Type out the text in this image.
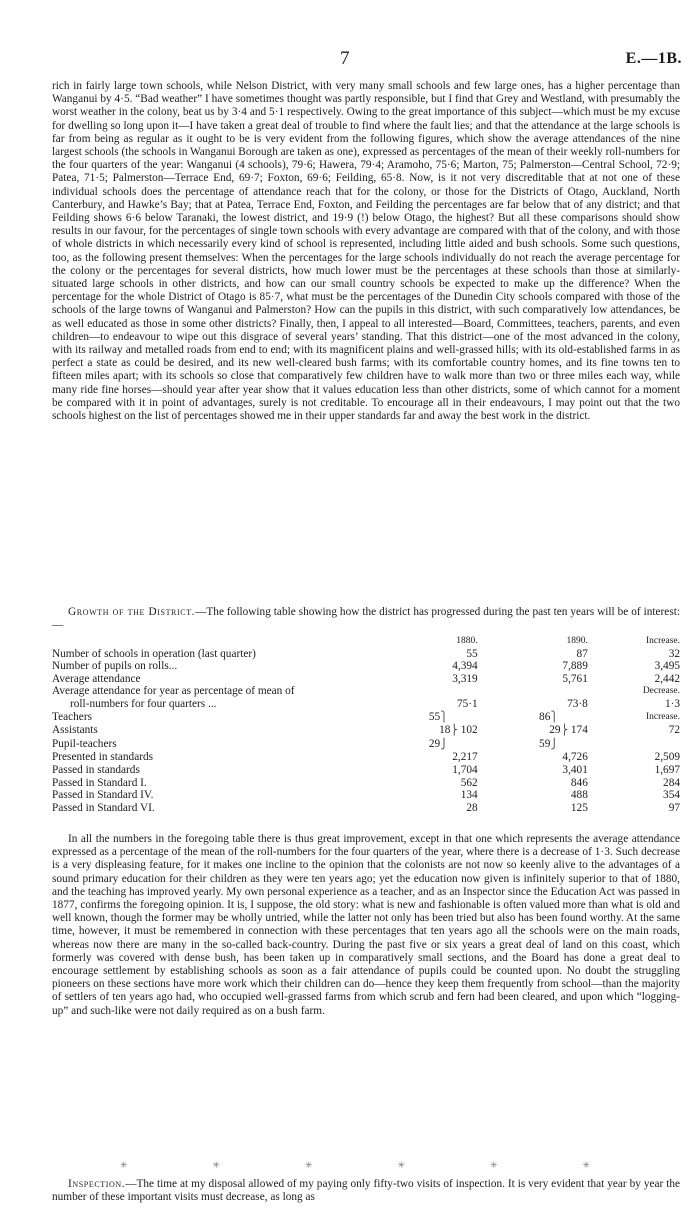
7	E.—1B.

rich in fairly large town schools, while Nelson District, with very many small schools and few large ones, has a higher percentage than Wanganui by 4·5. “Bad weather” I have sometimes thought was partly responsible, but I find that Grey and Westland, with presumably the worst weather in the colony, beat us by 3·4 and 5·1 respectively. Owing to the great importance of this subject—which must be my excuse for dwelling so long upon it—I have taken a great deal of trouble to find where the fault lies; and that the attendance at the large schools is far from being as regular as it ought to be is very evident from the following figures, which show the average attendances of the nine largest schools (the schools in Wanganui Borough are taken as one), expressed as percentages of the mean of their weekly roll-numbers for the four quarters of the year: Wanganui (4 schools), 79·6; Hawera, 79·4; Aramoho, 75·6; Marton, 75; Palmerston—Central School, 72·9; Patea, 71·5; Palmerston—Terrace End, 69·7; Foxton, 69·6; Feilding, 65·8. Now, is it not very discreditable that at not one of these individual schools does the percentage of attendance reach that for the colony, or those for the Districts of Otago, Auckland, North Canterbury, and Hawke’s Bay; that at Patea, Terrace End, Foxton, and Feilding the percentages are far below that of any district; and that Feilding shows 6·6 below Taranaki, the lowest district, and 19·9 (!) below Otago, the highest? But all these comparisons should show results in our favour, for the percentages of single town schools with every advantage are compared with that of the colony, and with those of whole districts in which necessarily every kind of school is represented, including little aided and bush schools. Some such questions, too, as the following present themselves: When the percentages for the large schools individually do not reach the average percentage for the colony or the percentages for several districts, how much lower must be the percentages at these schools than those at similarly-situated large schools in other districts, and how can our small country schools be expected to make up the difference? When the percentage for the whole District of Otago is 85·7, what must be the percentages of the Dunedin City schools compared with those of the schools of the large towns of Wanganui and Palmerston? How can the pupils in this district, with such comparatively low attendances, be as well educated as those in some other districts? Finally, then, I appeal to all interested—Board, Committees, teachers, parents, and even children—to endeavour to wipe out this disgrace of several years’ standing. That this district—one of the most advanced in the colony, with its railway and metalled roads from end to end; with its magnificent plains and well-grassed hills; with its old-established farms in as perfect a state as could be desired, and its new well-cleared bush farms; with its comfortable country homes, and its fine towns ten to fifteen miles apart; with its schools so close that comparatively few children have to walk more than two or three miles each way, while many ride fine horses—should year after year show that it values education less than other districts, some of which cannot for a moment be compared with it in point of advantages, surely is not creditable. To encourage all in their endeavours, I may point out that the two schools highest on the list of percentages showed me in their upper standards far and away the best work in the district.

Growth of the District.—The following table showing how the district has progressed during the past ten years will be of interest:—

	1880.	1890.	Increase.
Number of schools in operation (last quarter)	55	87	32
Number of pupils on rolls...	4,394	7,889	3,495
Average attendance	3,319	5,761	2,442
Average attendance for year as percentage of mean of			Decrease.
roll-numbers for four quarters ...	75·1	73·8	1·3
Teachers	55⎫	86⎫	Increase.
Assistants	18⎬ 102	29⎬ 174	72
Pupil-teachers	29⎭	59⎭	
Presented in standards	2,217	4,726	2,509
Passed in standards	1,704	3,401	1,697
Passed in Standard I.	562	846	284
Passed in Standard IV.	134	488	354
Passed in Standard VI.	28	125	97

In all the numbers in the foregoing table there is thus great improvement, except in that one which represents the average attendance expressed as a percentage of the mean of the roll-numbers for the four quarters of the year, where there is a decrease of 1·3. Such decrease is a very displeasing feature, for it makes one incline to the opinion that the colonists are not now so keenly alive to the advantages of a sound primary education for their children as they were ten years ago; yet the education now given is infinitely superior to that of 1880, and the teaching has improved yearly. My own personal experience as a teacher, and as an Inspector since the Education Act was passed in 1877, confirms the foregoing opinion. It is, I suppose, the old story: what is new and fashionable is often valued more than what is old and well known, though the former may be wholly untried, while the latter not only has been tried but also has been found worthy. At the same time, however, it must be remembered in connection with these percentages that ten years ago all the schools were on the main roads, whereas now there are many in the so-called back-country. During the past five or six years a great deal of land on this coast, which formerly was covered with dense bush, has been taken up in comparatively small sections, and the Board has done a great deal to encourage settlement by establishing schools as soon as a fair attendance of pupils could be counted upon. No doubt the struggling pioneers on these sections have more work which their children can do—hence they keep them frequently from school—than the majority of settlers of ten years ago had, who occupied well-grassed farms from which scrub and fern had been cleared, and upon which “logging-up” and such-like were not daily required as on a bush farm.

✳	✳	✳	✳	✳	✳

Inspection.—The time at my disposal allowed of my paying only fifty-two visits of inspection. It is very evident that year by year the number of these important visits must decrease, as long as
